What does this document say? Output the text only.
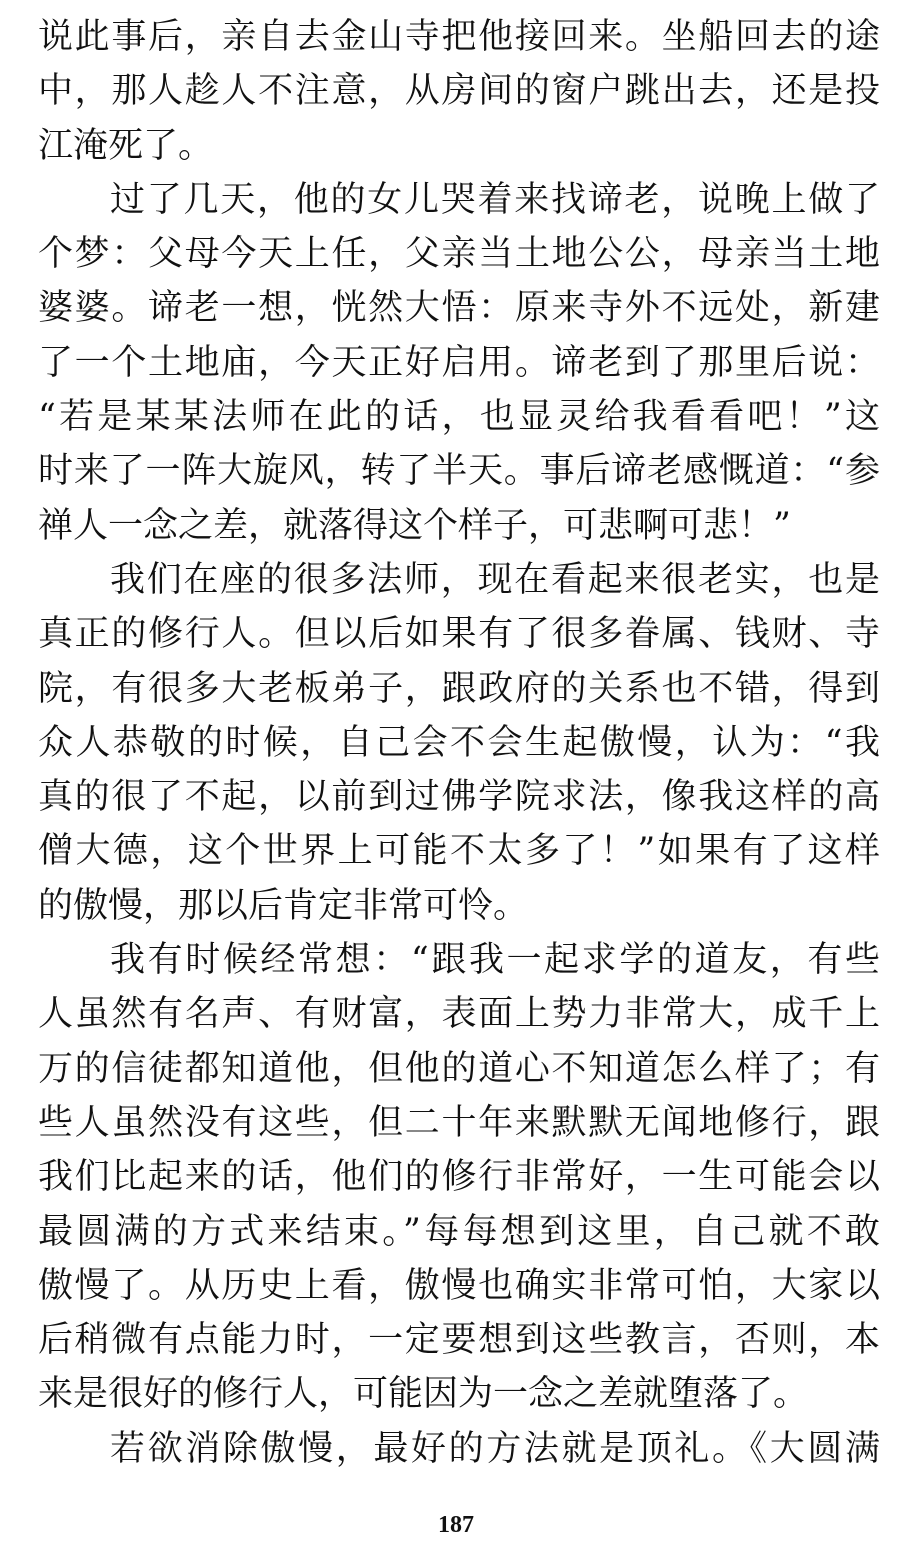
说此事后，亲自去金山寺把他接回来。坐船回去的途
中，那人趁人不注意，从房间的窗户跳出去，还是投
江淹死了。
过了几天，他的女儿哭着来找谛老，说晚上做了
个梦：父母今天上任，父亲当土地公公，母亲当土地
婆婆。谛老一想，恍然大悟：原来寺外不远处，新建
了一个土地庙，今天正好启用。谛老到了那里后说：
“若是某某法师在此的话，也显灵给我看看吧！”这
时来了一阵大旋风，转了半天。事后谛老感慨道：“参
禅人一念之差，就落得这个样子，可悲啊可悲！”
我们在座的很多法师，现在看起来很老实，也是
真正的修行人。但以后如果有了很多眷属、钱财、寺
院，有很多大老板弟子，跟政府的关系也不错，得到
众人恭敬的时候，自己会不会生起傲慢，认为：“我
真的很了不起，以前到过佛学院求法，像我这样的高
僧大德，这个世界上可能不太多了！”如果有了这样
的傲慢，那以后肯定非常可怜。
我有时候经常想：“跟我一起求学的道友，有些
人虽然有名声、有财富，表面上势力非常大，成千上
万的信徒都知道他，但他的道心不知道怎么样了；有
些人虽然没有这些，但二十年来默默无闻地修行，跟
我们比起来的话，他们的修行非常好，一生可能会以
最圆满的方式来结束。”每每想到这里，自己就不敢
傲慢了。从历史上看，傲慢也确实非常可怕，大家以
后稍微有点能力时，一定要想到这些教言，否则，本
来是很好的修行人，可能因为一念之差就堕落了。
若欲消除傲慢，最好的方法就是顶礼。《大圆满
187
